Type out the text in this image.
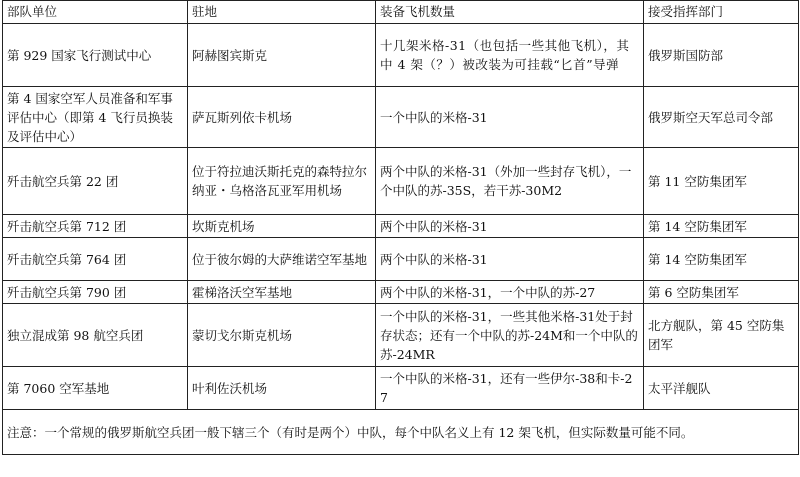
部队单位	驻地	装备飞机数量	接受指挥部门
第 929 国家飞行测试中心	阿赫图宾斯克	十几架米格-31（也包括一些其他飞机），其中 4 架（？）被改装为可挂载“匕首”导弹	俄罗斯国防部
第 4 国家空军人员准备和军事评估中心（即第 4 飞行员换装及评估中心）	萨瓦斯列依卡机场	一个中队的米格-31	俄罗斯空天军总司令部
歼击航空兵第 22 团	位于符拉迪沃斯托克的森特拉尔纳亚・乌格洛瓦亚军用机场	两个中队的米格-31（外加一些封存飞机），一个中队的苏-35S，若干苏-30M2	第 11 空防集团军
歼击航空兵第 712 团	坎斯克机场	两个中队的米格-31	第 14 空防集团军
歼击航空兵第 764 团	位于彼尔姆的大萨维诺空军基地	两个中队的米格-31	第 14 空防集团军
歼击航空兵第 790 团	霍梯洛沃空军基地	两个中队的米格-31，一个中队的苏-27	第 6 空防集团军
独立混成第 98 航空兵团	蒙切戈尔斯克机场	一个中队的米格-31，一些其他米格-31处于封存状态；还有一个中队的苏-24M和一个中队的苏-24MR	北方舰队，第 45 空防集团军
第 7060 空军基地	叶利佐沃机场	一个中队的米格-31，还有一些伊尔-38和卡-27	太平洋舰队
注意：一个常规的俄罗斯航空兵团一般下辖三个（有时是两个）中队，每个中队名义上有 12 架飞机，但实际数量可能不同。			
